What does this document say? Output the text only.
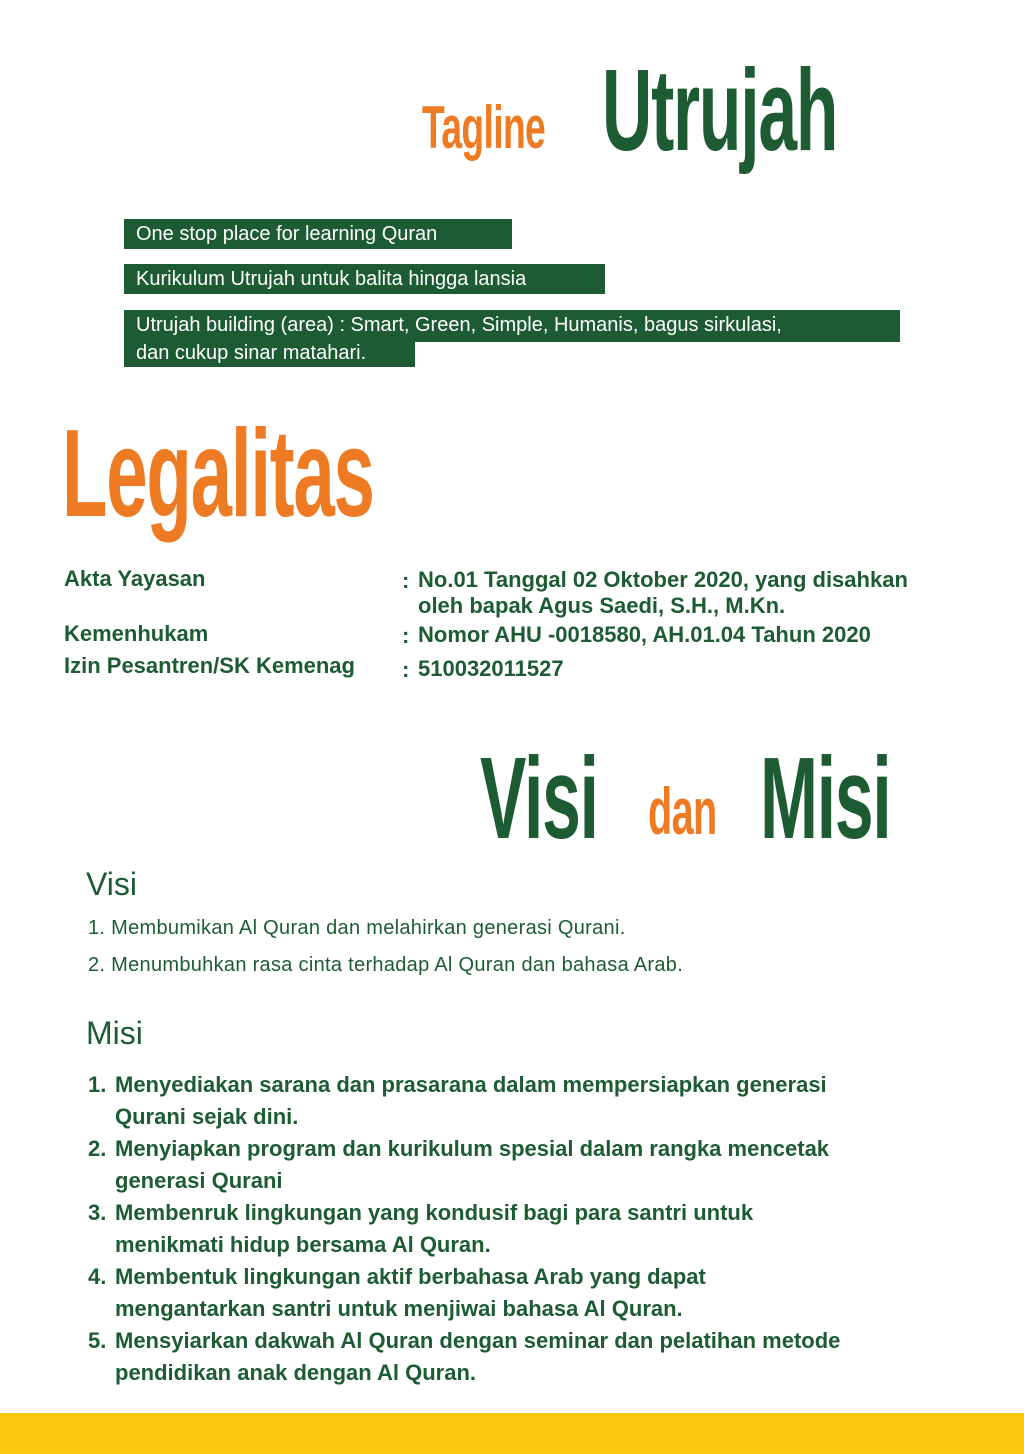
Tagline Utrujah
One stop place for learning Quran
Kurikulum Utrujah untuk balita hingga lansia
Utrujah building (area) : Smart, Green, Simple, Humanis, bagus sirkulasi,
dan cukup sinar matahari.
Legalitas
Akta Yayasan	: No.01 Tanggal 02 Oktober 2020, yang disahkan
oleh bapak Agus Saedi, S.H., M.Kn.
Kemenhukam	: Nomor AHU -0018580, AH.01.04 Tahun 2020
Izin Pesantren/SK Kemenag : 510032011527
Visi dan Misi
Visi
1. Membumikan Al Quran dan melahirkan generasi Qurani.
2. Menumbuhkan rasa cinta terhadap Al Quran dan bahasa Arab.
Misi
1. Menyediakan sarana dan prasarana dalam mempersiapkan generasi
Qurani sejak dini.
2. Menyiapkan program dan kurikulum spesial dalam rangka mencetak
generasi Qurani
3. Membenruk lingkungan yang kondusif bagi para santri untuk
menikmati hidup bersama Al Quran.
4. Membentuk lingkungan aktif berbahasa Arab yang dapat
mengantarkan santri untuk menjiwai bahasa Al Quran.
5. Mensyiarkan dakwah Al Quran dengan seminar dan pelatihan metode
pendidikan anak dengan Al Quran.
